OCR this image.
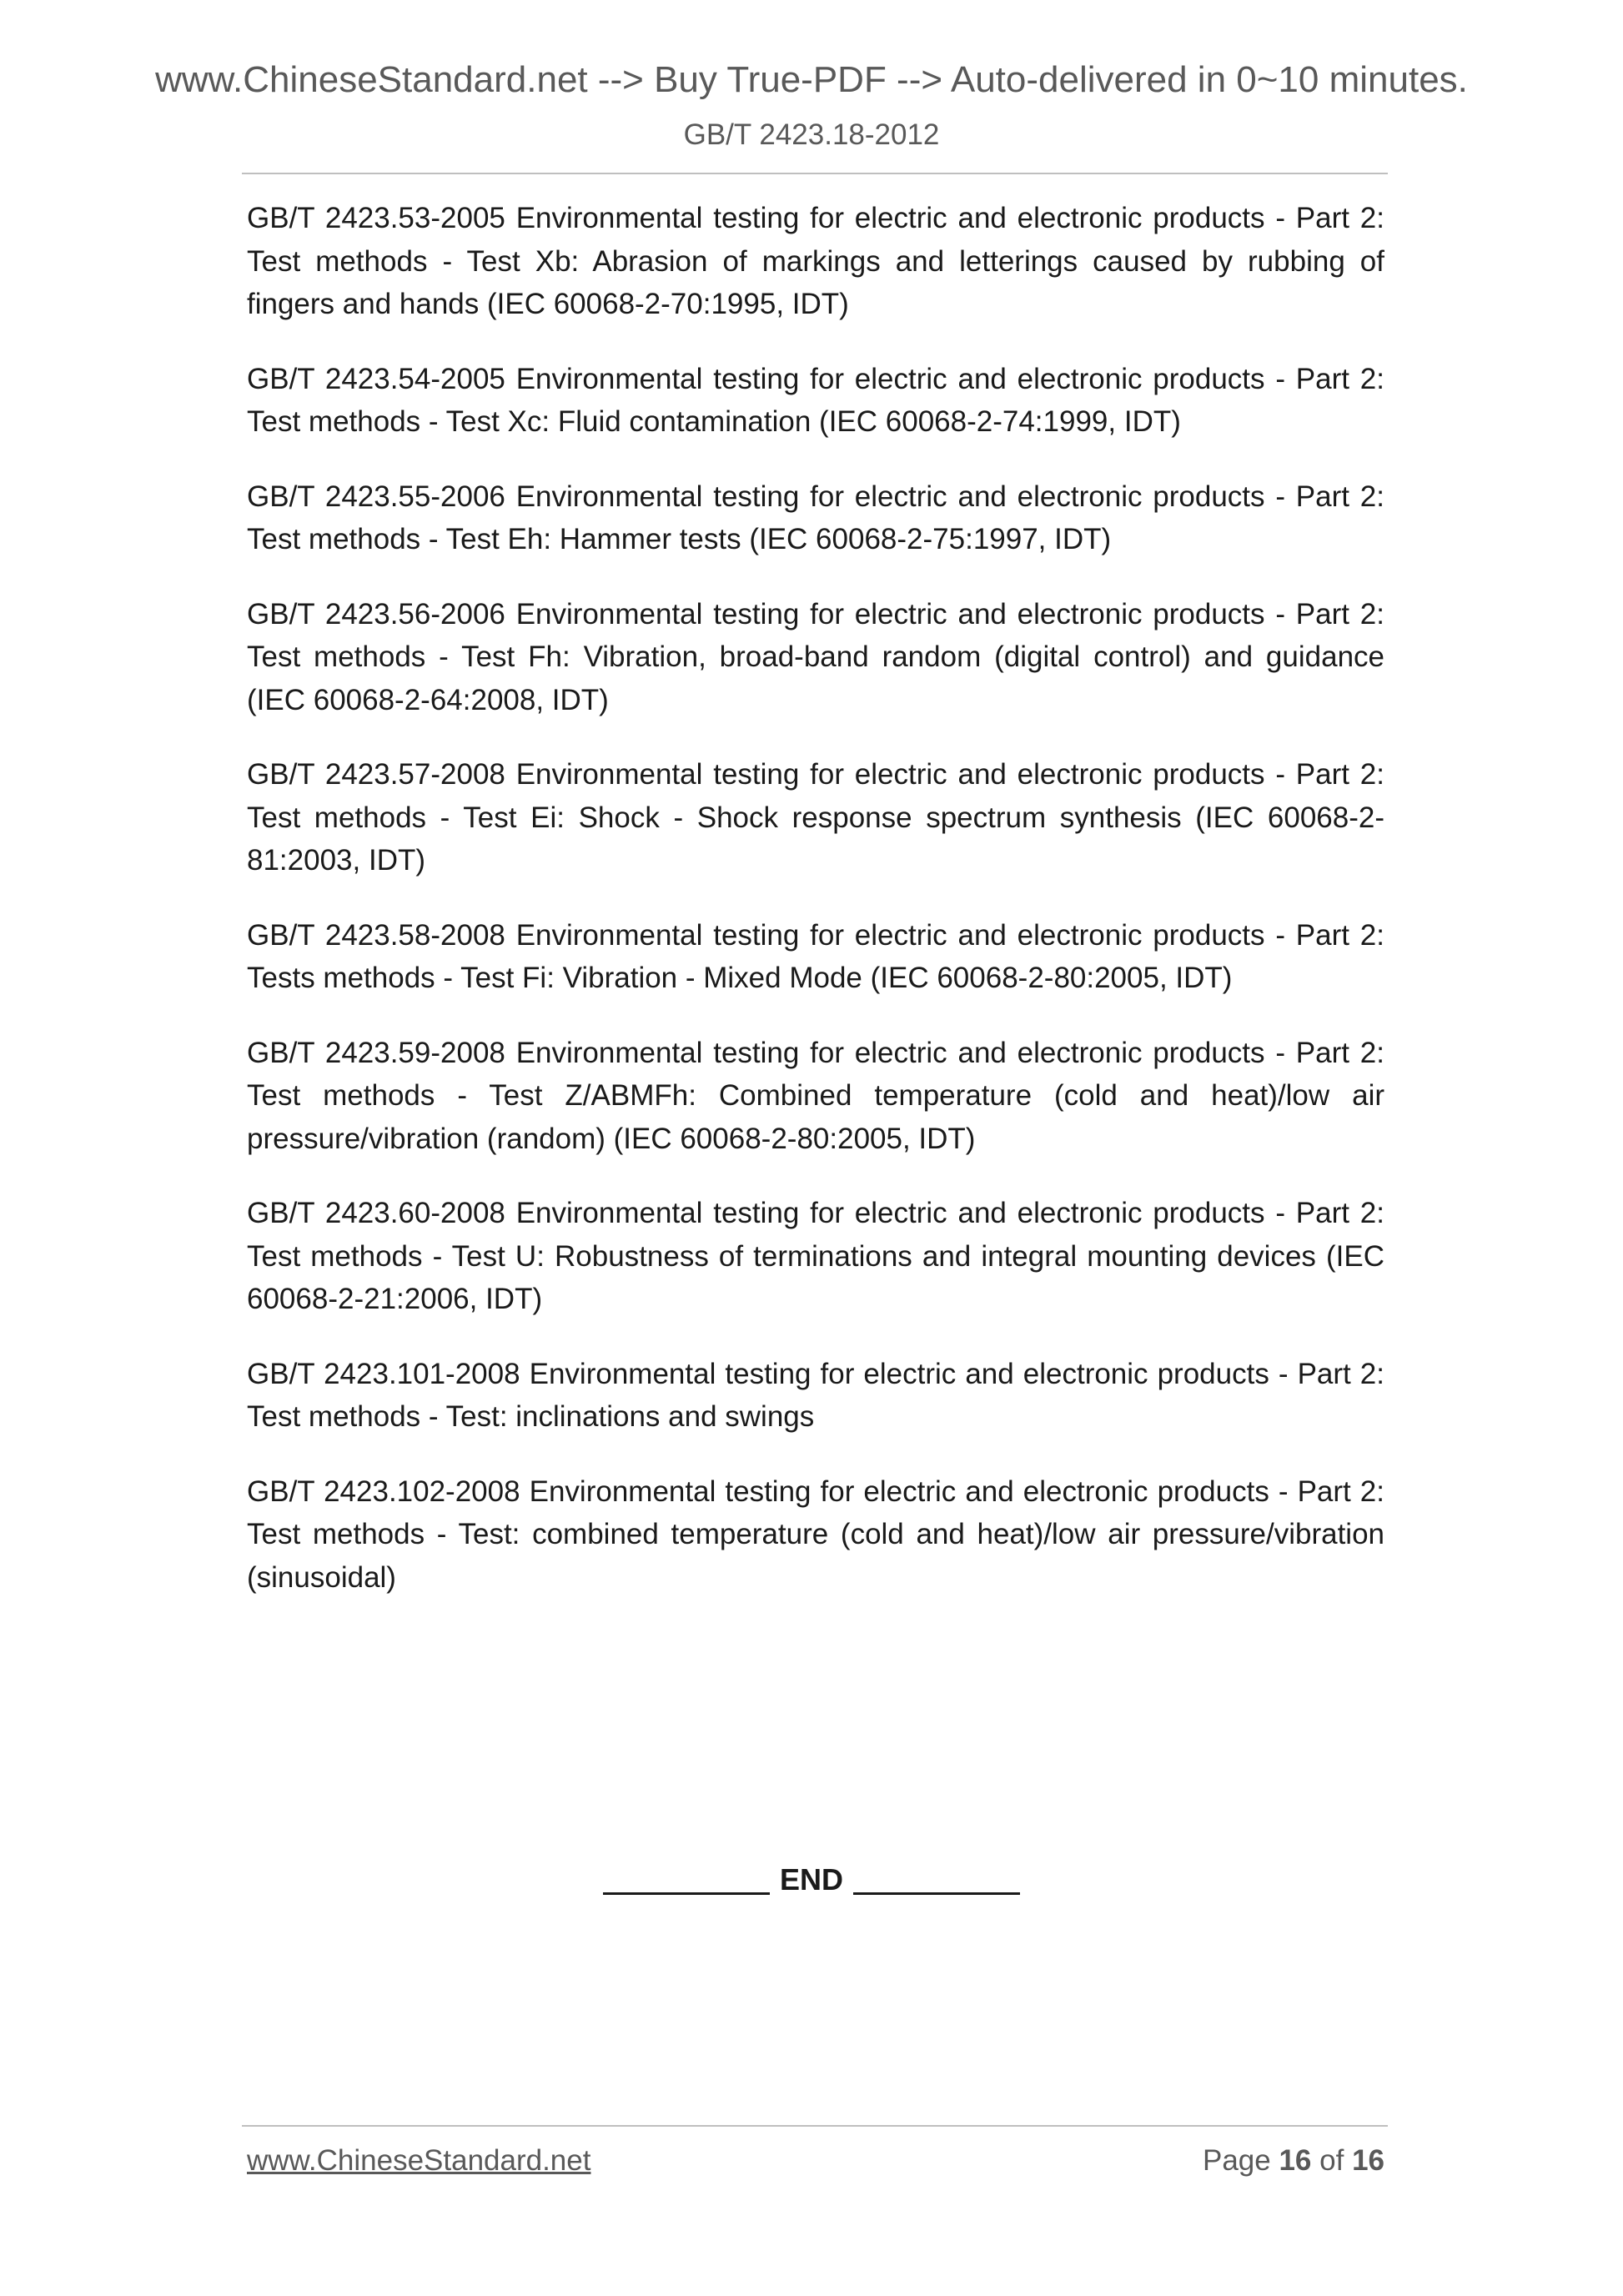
www.ChineseStandard.net --> Buy True-PDF --> Auto-delivered in 0~10 minutes.
GB/T 2423.18-2012

GB/T 2423.53-2005 Environmental testing for electric and electronic products - Part 2: Test methods - Test Xb: Abrasion of markings and letterings caused by rubbing of fingers and hands (IEC 60068-2-70:1995, IDT)

GB/T 2423.54-2005 Environmental testing for electric and electronic products - Part 2: Test methods - Test Xc: Fluid contamination (IEC 60068-2-74:1999, IDT)

GB/T 2423.55-2006 Environmental testing for electric and electronic products - Part 2: Test methods - Test Eh: Hammer tests (IEC 60068-2-75:1997, IDT)

GB/T 2423.56-2006 Environmental testing for electric and electronic products - Part 2: Test methods - Test Fh: Vibration, broad-band random (digital control) and guidance (IEC 60068-2-64:2008, IDT)

GB/T 2423.57-2008 Environmental testing for electric and electronic products - Part 2: Test methods - Test Ei: Shock - Shock response spectrum synthesis (IEC 60068-2-81:2003, IDT)

GB/T 2423.58-2008 Environmental testing for electric and electronic products - Part 2: Tests methods - Test Fi: Vibration - Mixed Mode (IEC 60068-2-80:2005, IDT)

GB/T 2423.59-2008 Environmental testing for electric and electronic products - Part 2: Test methods - Test Z/ABMFh: Combined temperature (cold and heat)/low air pressure/vibration (random) (IEC 60068-2-80:2005, IDT)

GB/T 2423.60-2008 Environmental testing for electric and electronic products - Part 2: Test methods - Test U: Robustness of terminations and integral mounting devices (IEC 60068-2-21:2006, IDT)

GB/T 2423.101-2008 Environmental testing for electric and electronic products - Part 2: Test methods - Test: inclinations and swings

GB/T 2423.102-2008 Environmental testing for electric and electronic products - Part 2: Test methods - Test: combined temperature (cold and heat)/low air pressure/vibration (sinusoidal)

END
www.ChineseStandard.net	Page 16 of 16
